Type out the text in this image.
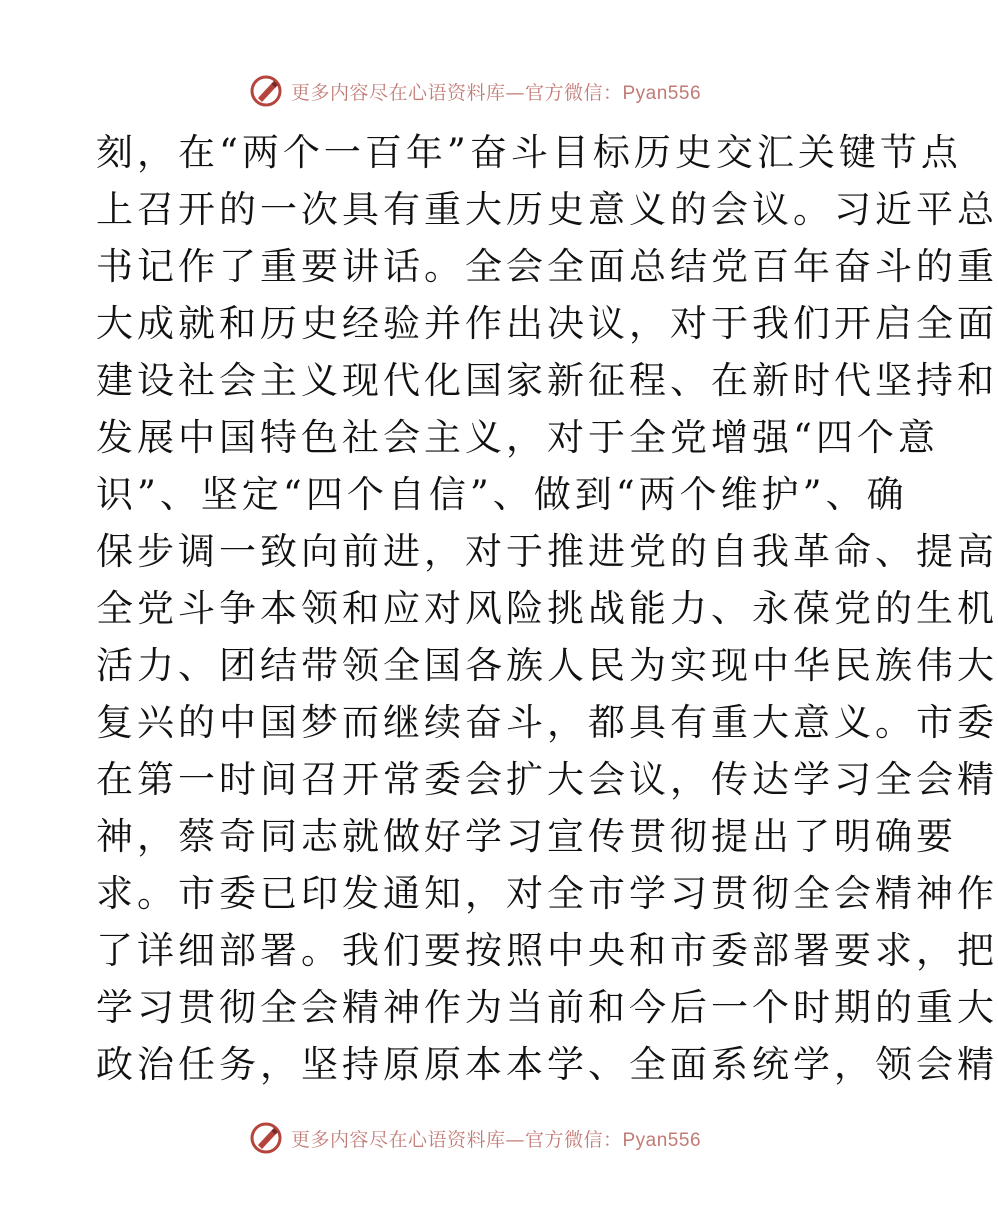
更多内容尽在心语资料库—官方微信：Pyan556
刻，在“两个一百年”奋斗目标历史交汇关键节点
上召开的一次具有重大历史意义的会议。习近平总
书记作了重要讲话。全会全面总结党百年奋斗的重
大成就和历史经验并作出决议，对于我们开启全面
建设社会主义现代化国家新征程、在新时代坚持和
发展中国特色社会主义，对于全党增强“四个意
识”、坚定“四个自信”、做到“两个维护”、确
保步调一致向前进，对于推进党的自我革命、提高
全党斗争本领和应对风险挑战能力、永葆党的生机
活力、团结带领全国各族人民为实现中华民族伟大
复兴的中国梦而继续奋斗，都具有重大意义。市委
在第一时间召开常委会扩大会议，传达学习全会精
神，蔡奇同志就做好学习宣传贯彻提出了明确要
求。市委已印发通知，对全市学习贯彻全会精神作
了详细部署。我们要按照中央和市委部署要求，把
学习贯彻全会精神作为当前和今后一个时期的重大
政治任务，坚持原原本本学、全面系统学，领会精
更多内容尽在心语资料库—官方微信：Pyan556
